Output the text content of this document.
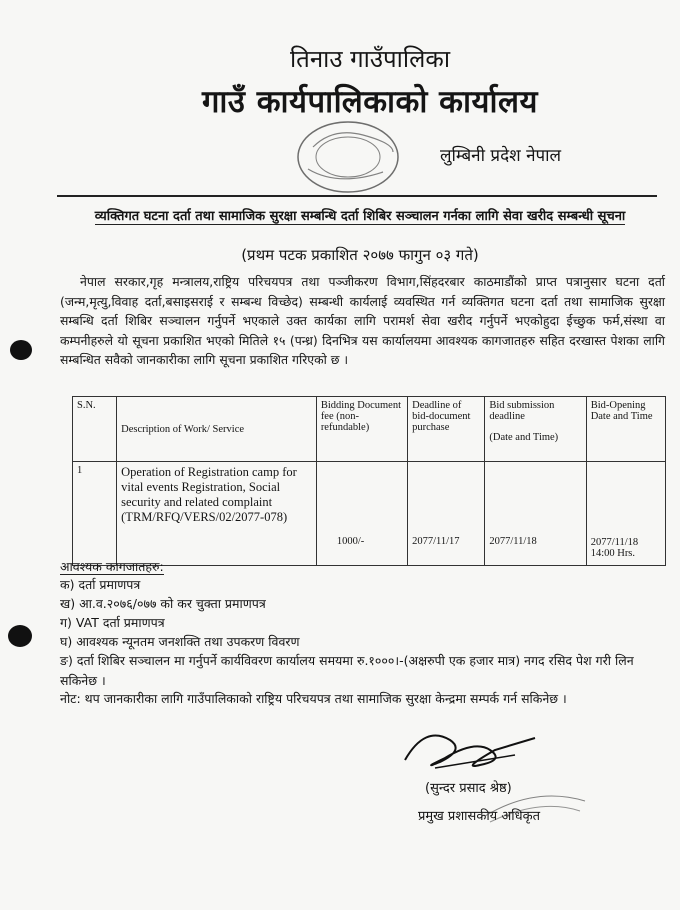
तिनाउ गाउँपालिका
गाउँ कार्यपालिकाको कार्यालय
लुम्बिनी प्रदेश नेपाल
व्यक्तिगत घटना दर्ता तथा सामाजिक सुरक्षा सम्बन्धि दर्ता शिबिर सञ्चालन गर्नका लागि सेवा खरीद सम्बन्धी सूचना
(प्रथम पटक प्रकाशित २०७७ फागुन ०३ गते)
नेपाल सरकार,गृह मन्त्रालय,राष्ट्रिय परिचयपत्र तथा पञ्जीकरण विभाग,सिंहदरबार काठमाडौंको प्राप्त पत्रानुसार घटना दर्ता (जन्म,मृत्यु,विवाह दर्ता,बसाइसराई र सम्बन्ध विच्छेद) सम्बन्धी कार्यलाई व्यवस्थित गर्न व्यक्तिगत घटना दर्ता तथा सामाजिक सुरक्षा सम्बन्धि दर्ता शिबिर सञ्चालन गर्नुपर्ने भएकाले उक्त कार्यका लागि परामर्श सेवा खरीद गर्नुपर्ने भएकोहुदा ईच्छुक फर्म,संस्था वा कम्पनीहरुले यो सूचना प्रकाशित भएको मितिले १५ (पन्ध्र) दिनभित्र यस कार्यालयमा आवश्यक कागजातहरु सहित दरखास्त पेशका लागि सम्बन्धित सवैको जानकारीका लागि सूचना प्रकाशित गरिएको छ ।
S.N.	Description of Work/ Service	Bidding Document fee (non-refundable)	Deadline of bid-document purchase	Bid submission deadline
(Date and Time)	Bid-Opening Date and Time
1	Operation of Registration camp for vital events Registration, Social security and related complaint (TRM/RFQ/VERS/02/2077-078)	1000/-	2077/11/17	2077/11/18	2077/11/18
14:00 Hrs.
आवश्यक कागजातहरु:
क) दर्ता प्रमाणपत्र
ख) आ.व.२०७६/०७७ को कर चुक्ता प्रमाणपत्र
ग) VAT दर्ता प्रमाणपत्र
घ) आवश्यक न्यूनतम जनशक्ति तथा उपकरण विवरण
ङ) दर्ता शिबिर सञ्चालन मा गर्नुपर्ने कार्यविवरण कार्यालय समयमा रु.१०००।-(अक्षरुपी एक हजार मात्र) नगद रसिद पेश गरी लिन सकिनेछ ।
नोट: थप जानकारीका लागि गाउँपालिकाको राष्ट्रिय परिचयपत्र तथा सामाजिक सुरक्षा केन्द्रमा सम्पर्क गर्न सकिनेछ ।
(सुन्दर प्रसाद श्रेष्ठ)
प्रमुख प्रशासकीय अधिकृत
